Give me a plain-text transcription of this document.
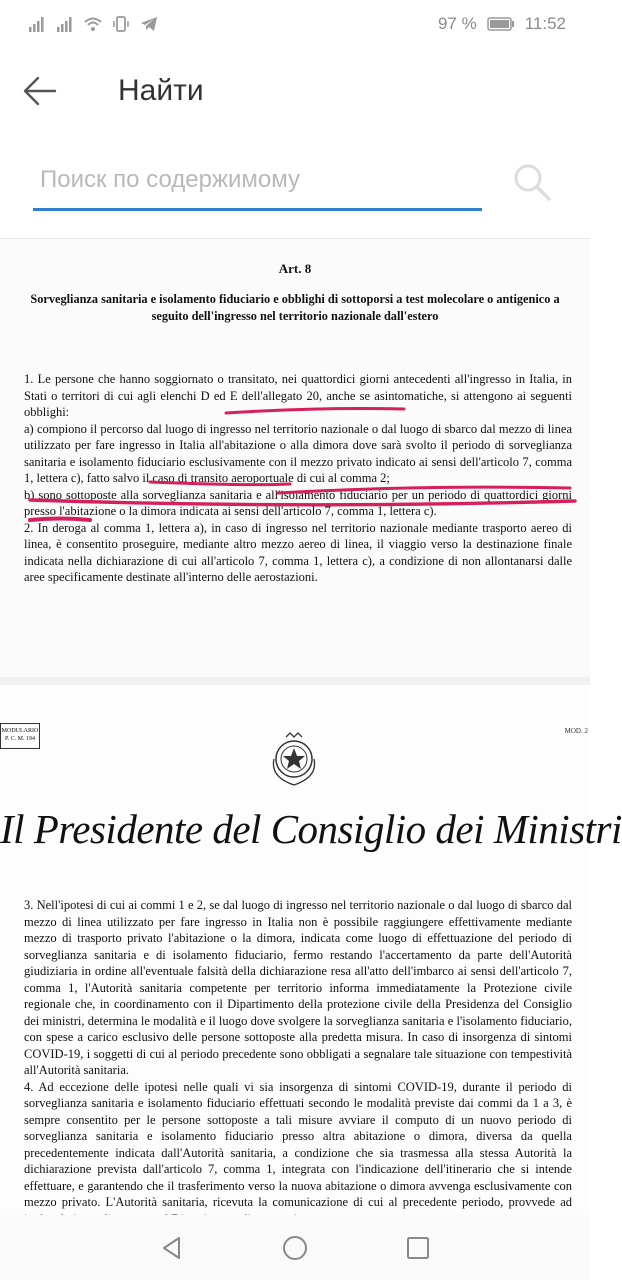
97 %	11:52
Найти
Поиск по содержимому
Art. 8
Sorveglianza sanitaria e isolamento fiduciario e obblighi di sottoporsi a test molecolare o antigenico a seguito dell'ingresso nel territorio nazionale dall'estero

1. Le persone che hanno soggiornato o transitato, nei quattordici giorni antecedenti all'ingresso in Italia, in Stati o territori di cui agli elenchi D ed E dell'allegato 20, anche se asintomatiche, si attengono ai seguenti obblighi:

a) compiono il percorso dal luogo di ingresso nel territorio nazionale o dal luogo di sbarco dal mezzo di linea utilizzato per fare ingresso in Italia all'abitazione o alla dimora dove sarà svolto il periodo di sorveglianza sanitaria e isolamento fiduciario esclusivamente con il mezzo privato indicato ai sensi dell'articolo 7, comma 1, lettera c), fatto salvo il caso di transito aeroportuale di cui al comma 2;

b) sono sottoposte alla sorveglianza sanitaria e all'isolamento fiduciario per un periodo di quattordici giorni presso l'abitazione o la dimora indicata ai sensi dell'articolo 7, comma 1, lettera c).

2. In deroga al comma 1, lettera a), in caso di ingresso nel territorio nazionale mediante trasporto aereo di linea, è consentito proseguire, mediante altro mezzo aereo di linea, il viaggio verso la destinazione finale indicata nella dichiarazione di cui all'articolo 7, comma 1, lettera c), a condizione di non allontanarsi dalle aree specificamente destinate all'interno delle aerostazioni.

MODULARIO
P. C. M. 194
MOD. 2
Il Presidente del Consiglio dei Ministri

3. Nell'ipotesi di cui ai commi 1 e 2, se dal luogo di ingresso nel territorio nazionale o dal luogo di sbarco dal mezzo di linea utilizzato per fare ingresso in Italia non è possibile raggiungere effettivamente mediante mezzo di trasporto privato l'abitazione o la dimora, indicata come luogo di effettuazione del periodo di sorveglianza sanitaria e di isolamento fiduciario, fermo restando l'accertamento da parte dell'Autorità giudiziaria in ordine all'eventuale falsità della dichiarazione resa all'atto dell'imbarco ai sensi dell'articolo 7, comma 1, l'Autorità sanitaria competente per territorio informa immediatamente la Protezione civile regionale che, in coordinamento con il Dipartimento della protezione civile della Presidenza del Consiglio dei ministri, determina le modalità e il luogo dove svolgere la sorveglianza sanitaria e l'isolamento fiduciario, con spese a carico esclusivo delle persone sottoposte alla predetta misura. In caso di insorgenza di sintomi COVID-19, i soggetti di cui al periodo precedente sono obbligati a segnalare tale situazione con tempestività all'Autorità sanitaria.

4. Ad eccezione delle ipotesi nelle quali vi sia insorgenza di sintomi COVID-19, durante il periodo di sorveglianza sanitaria e isolamento fiduciario effettuati secondo le modalità previste dai commi da 1 a 3, è sempre consentito per le persone sottoposte a tali misure avviare il computo di un nuovo periodo di sorveglianza sanitaria e isolamento fiduciario presso altra abitazione o dimora, diversa da quella precedentemente indicata dall'Autorità sanitaria, a condizione che sia trasmessa alla stessa Autorità la dichiarazione prevista dall'articolo 7, comma 1, integrata con l'indicazione dell'itinerario che si intende effettuare, e garantendo che il trasferimento verso la nuova abitazione o dimora avvenga esclusivamente con mezzo privato. L'Autorità sanitaria, ricevuta la comunicazione di cui al precedente periodo, provvede ad
